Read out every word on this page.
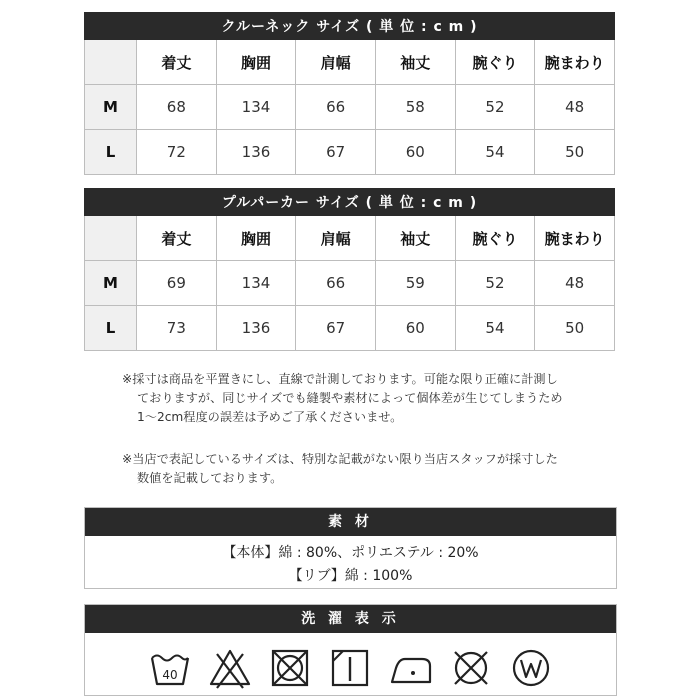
クルーネック サイズ ( 単 位 : c m )						
	着丈	胸囲	肩幅	袖丈	腕ぐり	腕まわり
M	68	134	66	58	52	48
L	72	136	67	60	54	50
プルパーカー サイズ ( 単 位 : c m )						
	着丈	胸囲	肩幅	袖丈	腕ぐり	腕まわり
M	69	134	66	59	52	48
L	73	136	67	60	54	50

※採寸は商品を平置きにし、直線で計測しております。可能な限り正確に計測し

ておりますが、同じサイズでも縫製や素材によって個体差が生じてしまうため

1～2cm程度の誤差は予めご了承くださいませ。

※当店で表記しているサイズは、特別な記載がない限り当店スタッフが採寸した

数値を記載しております。

素 材

【本体】綿 : 80%、ポリエステル : 20%

【リブ】綿 : 100%

洗 濯 表 示
40
